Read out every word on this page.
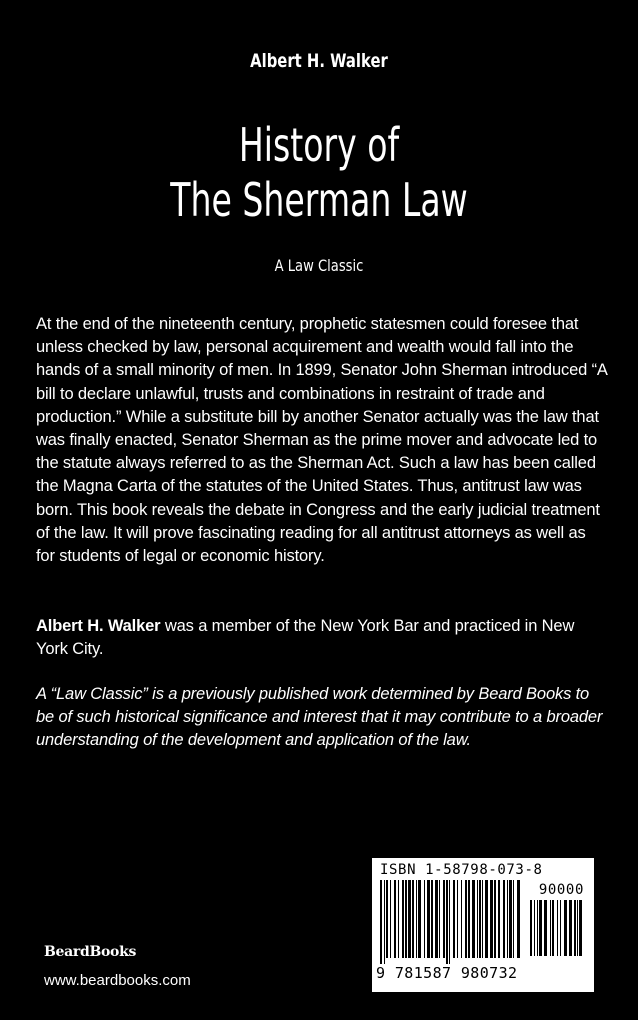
Albert H. Walker
History of
The Sherman Law
A Law Classic
At the end of the nineteenth century, prophetic statesmen could foresee that unless checked by law, personal acquirement and wealth would fall into the hands of a small minority of men. In 1899, Senator John Sherman introduced “A bill to declare unlawful, trusts and combinations in restraint of trade and production.” While a substitute bill by another Senator actually was the law that was finally enacted, Senator Sherman as the prime mover and advocate led to the statute always referred to as the Sherman Act. Such a law has been called the Magna Carta of the statutes of the United States. Thus, antitrust law was born. This book reveals the debate in Congress and the early judicial treatment of the law. It will prove fascinating reading for all antitrust attorneys as well as for students of legal or economic history.
Albert H. Walker was a member of the New York Bar and practiced in New York City.
A “Law Classic” is a previously published work determined by Beard Books to be of such historical significance and interest that it may contribute to a broader understanding of the development and application of the law.
ISBN 1-58798-073-8
90000
9 781587 980732
BeardBooks
www.beardbooks.com
